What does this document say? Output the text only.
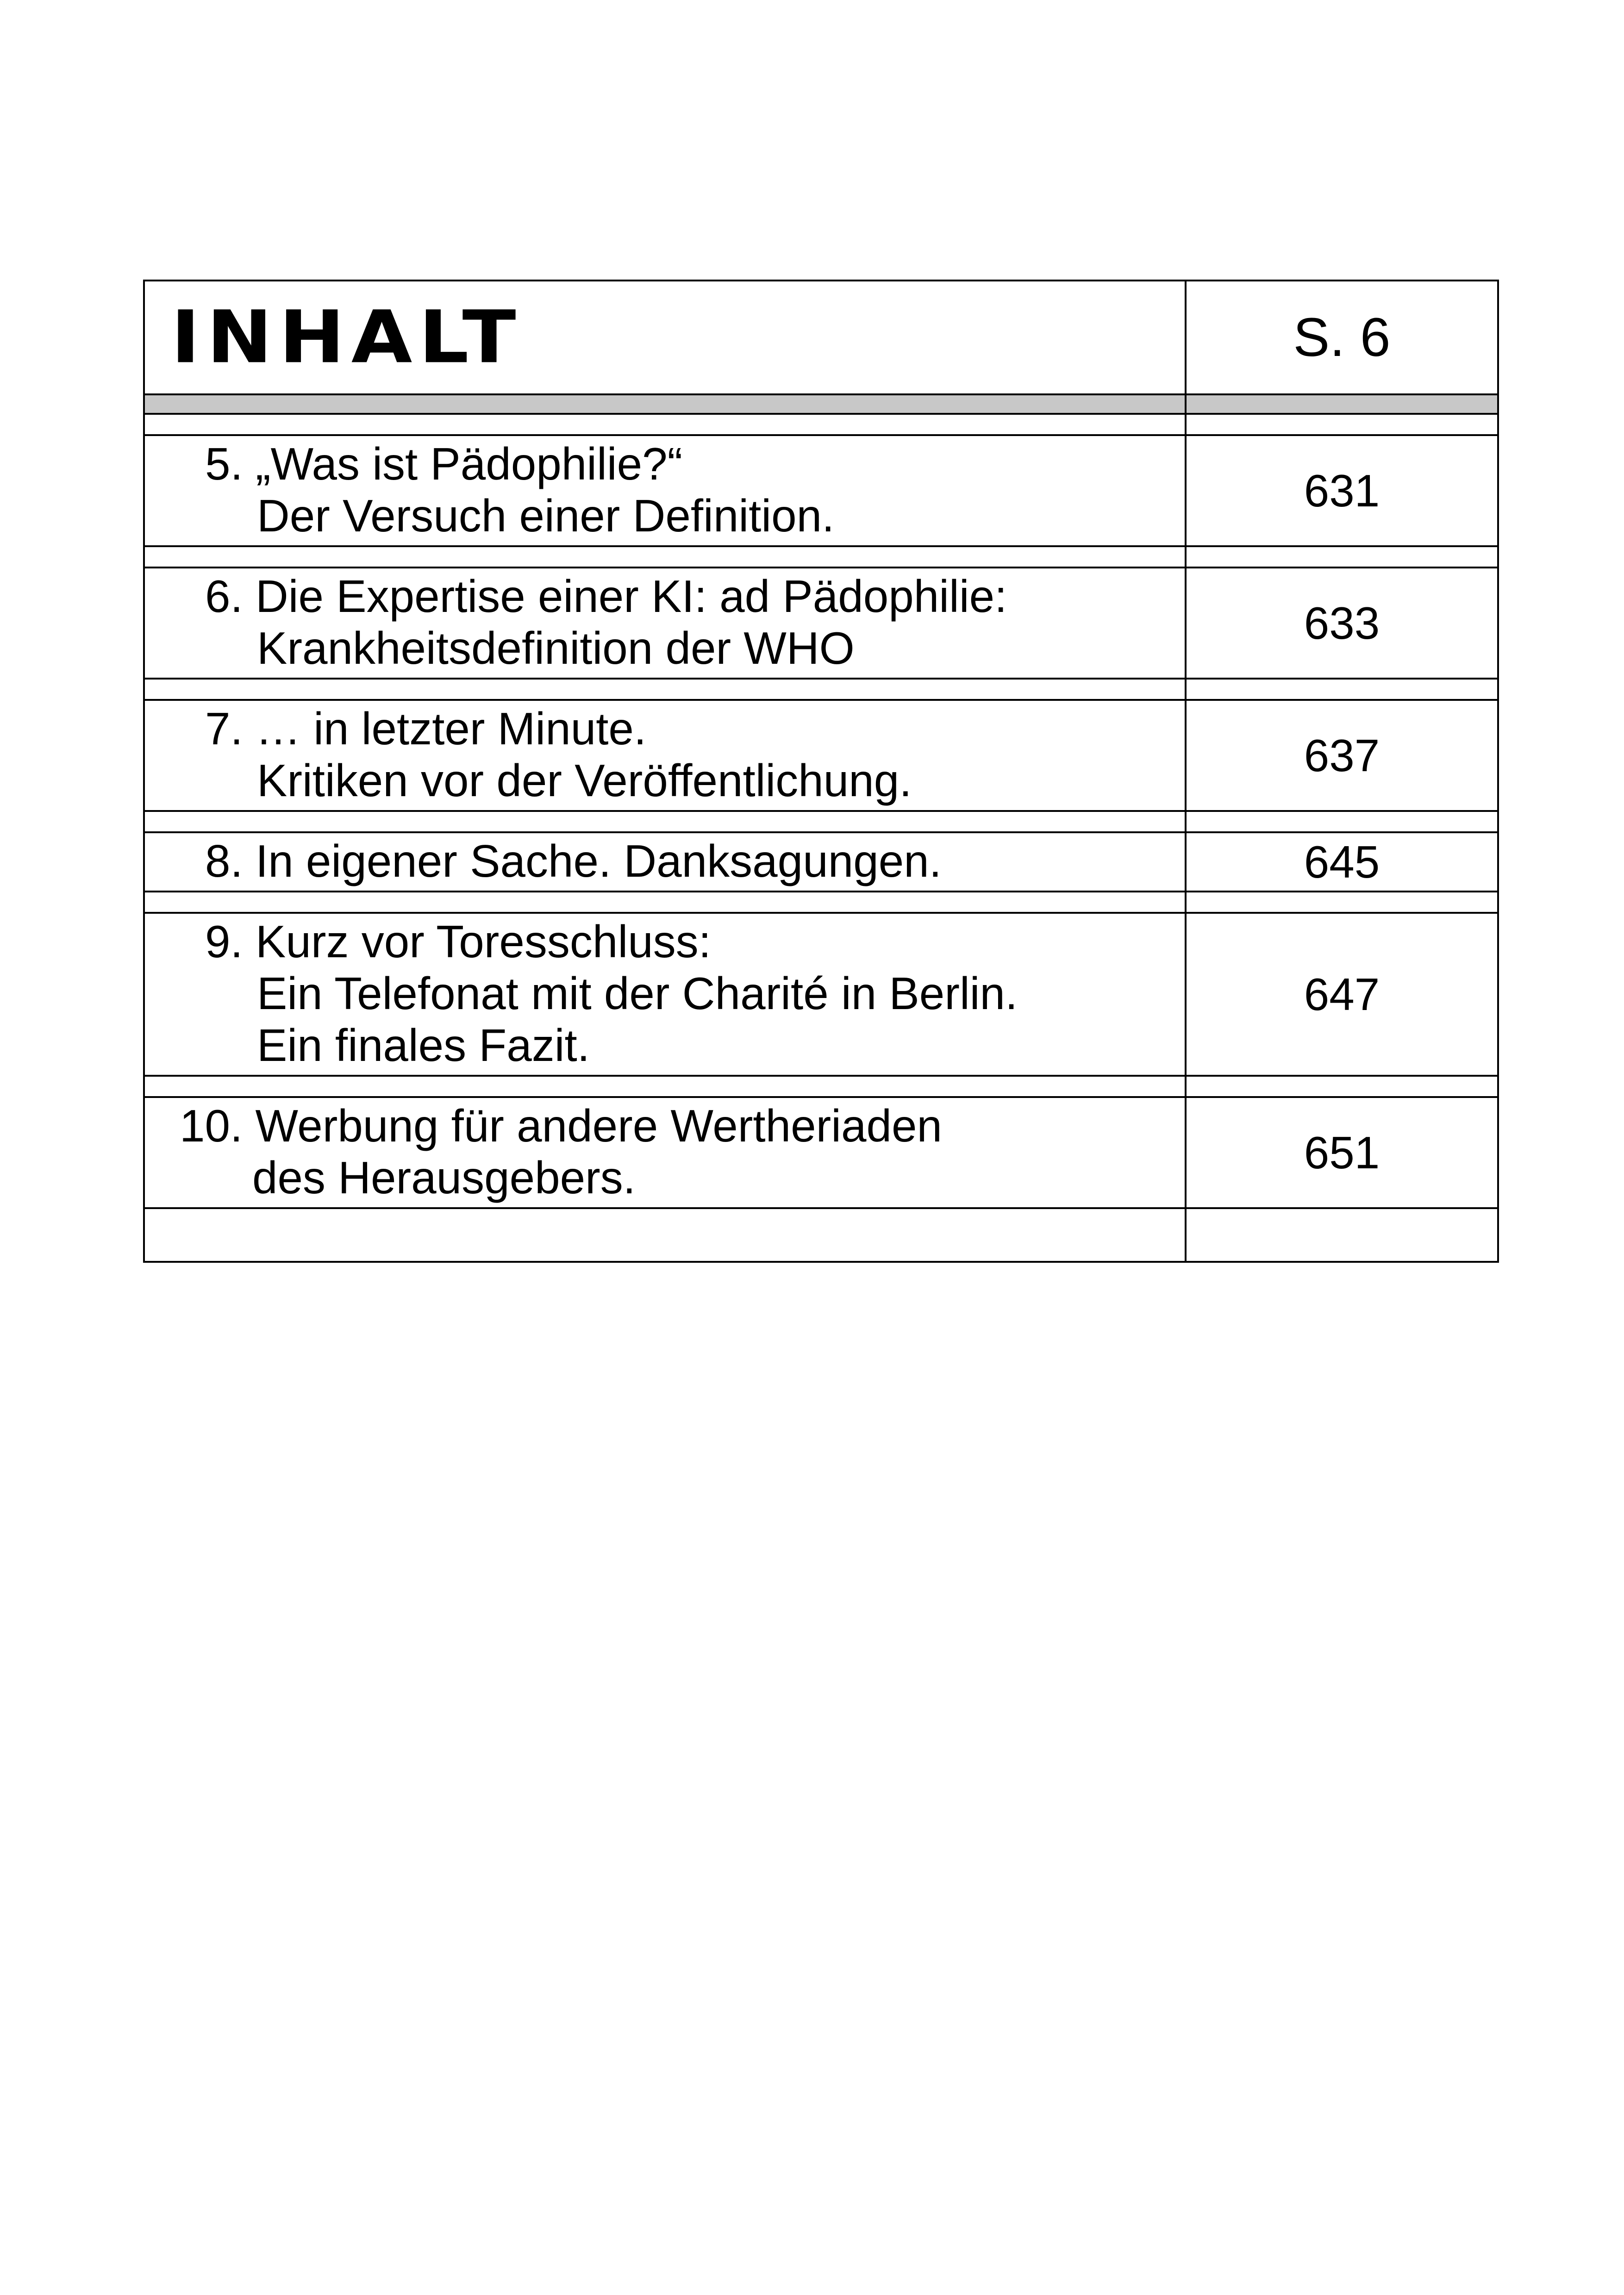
INHALT	S. 6

5. „Was ist Pädophilie?“
Der Versuch einer Definition.	631

6. Die Expertise einer KI: ad Pädophilie:
Krankheitsdefinition der WHO	633

7. … in letzter Minute.
Kritiken vor der Veröffentlichung.	637

8. In eigener Sache. Danksagungen.	645

9. Kurz vor Toresschluss:
Ein Telefonat mit der Charité in Berlin.
Ein finales Fazit.	647

10. Werbung für andere Wertheriaden
des Herausgebers.	651
